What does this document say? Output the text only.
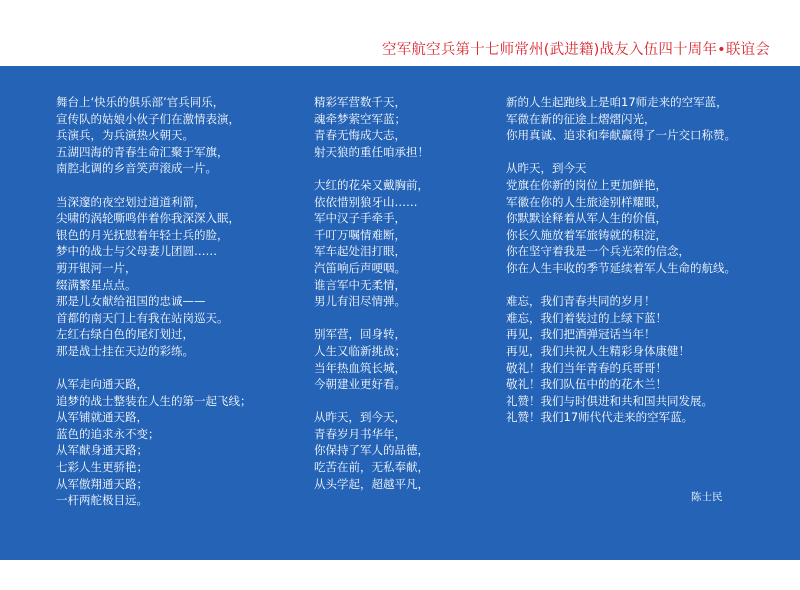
空军航空兵第十七师常州(武进籍)战友入伍四十周年•联谊会
舞台上‘快乐的俱乐部’官兵同乐，
宣传队的姑娘小伙子们在激情表演，
兵演兵，为兵演热火朝天。
五湖四海的青春生命汇聚于军旗，
南腔北调的乡音笑声滚成一片。
当深邃的夜空划过道道利箭，
尖啸的涡轮嘶鸣伴着你我深深入眠，
银色的月光抚慰着年轻士兵的脸，
梦中的战士与父母妻儿团圆……
剪开银河一片，
缀满繁星点点。
那是儿女献给祖国的忠诚——
首都的南天门上有我在站岗巡天。
左红右绿白色的尾灯划过，
那是战士挂在天边的彩练。
从军走向通天路，
追梦的战士整装在人生的第一起飞线；
从军铺就通天路，
蓝色的追求永不变；
从军献身通天路；
七彩人生更骄艳；
从军傲翔通天路；
一杆两舵极目远。
精彩军营数千天，
魂牵梦萦空军蓝；
青春无悔成大志，
射天狼的重任咱承担！
大红的花朵又戴胸前，
依依惜别狼牙山……
军中汉子手牵手，
千叮万嘱情难断，
军车起处泪打眼，
汽笛响后声哽咽。
谁言军中无柔情，
男儿有泪尽情弹。
别军营，回身转，
人生又临新挑战；
当年热血筑长城，
今朝建业更好看。
从昨天，到今天，
青春岁月书华年，
你保持了军人的品德，
吃苦在前，无私奉献，
从头学起，超越平凡，
新的人生起跑线上是咱17师走来的空军蓝，
军微在新的征途上熠熠闪光，
你用真诚、追求和奉献赢得了一片交口称赞。
从昨天，到今天
党旗在你新的岗位上更加鲜艳，
军徽在你的人生旅途别样耀眼，
你默默诠释着从军人生的价值，
你长久施放着军旅铸就的积淀，
你在坚守着我是一个兵光荣的信念，
你在人生丰收的季节延续着军人生命的航线。
难忘，我们青春共同的岁月！
难忘，我们着装过的上绿下蓝！
再见，我们把酒弹冠话当年！
再见，我们共祝人生精彩身体康健！
敬礼！我们当年青春的兵哥哥！
敬礼！我们队伍中的的花木兰！
礼赞！我们与时俱进和共和国共同发展。
礼赞！我们17师代代走来的空军蓝。
陈士民
